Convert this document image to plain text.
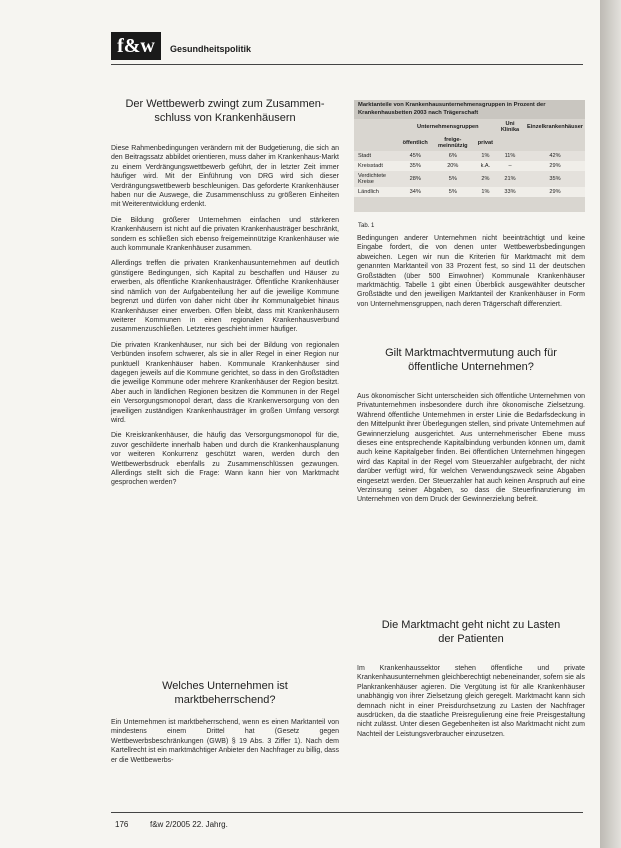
f&w	Gesundheitspolitik
Der Wettbewerb zwingt zum Zusammen-
schluss von Krankenhäusern

Diese Rahmenbedingungen verändern mit der Budgetierung, die sich an den Beitragssatz abbildet orientieren, muss daher im Krankenhaus-Markt zu einem Verdrängungswettbewerb geführt, der in letzter Zeit immer häufiger wird. Mit der Einführung von DRG wird sich dieser Verdrängungswettbewerb beschleunigen. Das geforderte Krankenhäuser haben nur die Auswege, die Zusammenschluss zu größeren Einheiten mit Weiterentwicklung erdenkt.

Die Bildung größerer Unternehmen einfachen und stärkeren Krankenhäusern ist nicht auf die privaten Krankenhausträger beschränkt, sondern es schließen sich ebenso freigemeinnützige Krankenhäuser wie auch kommunale Krankenhäuser zusammen.

Allerdings treffen die privaten Krankenhausunternehmen auf deutlich günstigere Bedingungen, sich Kapital zu beschaffen und Häuser zu erwerben, als öffentliche Krankenhausträger. Öffentliche Krankenhäuser sind nämlich von der Aufgabenteilung her auf die jeweilige Kommune begrenzt und dürfen von daher nicht über ihr Kommunalgebiet hinaus Krankenhäuser einer erwerben. Offen bleibt, dass mit Krankenhäusern weiterer Kommunen in einen regionalen Krankenhausverbund zusammenzuschließen. Letzteres geschieht immer häufiger.

Die privaten Krankenhäuser, nur sich bei der Bildung von regionalen Verbünden insofern schwerer, als sie in aller Regel in einer Region nur punktuell Krankenhäuser haben. Kommunale Krankenhäuser sind dagegen jeweils auf die Kommune gerichtet, so dass in den Großstädten die jeweilige Kommune oder mehrere Krankenhäuser der Region besitzt. Aber auch in ländlichen Regionen besitzen die Kommunen in der Regel ein Versorgungsmonopol derart, dass die Krankenversorgung von den jeweiligen zuständigen Krankenhausträger im großen Umfang versorgt wird.

Die Kreiskrankenhäuser, die häufig das Versorgungsmonopol für die, zuvor geschilderte innerhalb haben und durch die Krankenhausplanung vor weiteren Konkurrenz geschützt waren, werden durch den Wettbewerbsdruck ebenfalls zu Zusammenschlüssen gezwungen. Allerdings stellt sich die Frage: Wann kann hier von Marktmacht gesprochen werden?

Welches Unternehmen ist
marktbeherrschend?

Ein Unternehmen ist marktbeherrschend, wenn es einen Marktanteil von mindestens einem Drittel hat (Gesetz gegen Wettbewerbsbeschränkungen (GWB) § 19 Abs. 3 Ziffer 1). Nach dem Kartellrecht ist ein marktmächtiger Anbieter den Nachfrager zu billig, dass er die Wettbewerbs-

Marktanteile von Krankenhausunternehmensgruppen in Prozent der Krankenhausbetten 2003 nach Trägerschaft
	Unternehmensgruppen			Uni Klinika	Einzelkrankenhäuser
	öffentlich	freige-meinnützig	privat		
Stadt	45%	6%	1%	11%	42%
Kreisstadt	35%	20%	k.A.	–	29%
Verdichtete Kreise	28%	5%	2%	21%	35%
Ländlich	34%	5%	1%	33%	29%
Tab. 1

Bedingungen anderer Unternehmen nicht beeinträchtigt und keine Eingabe fordert, die von denen unter Wettbewerbsbedingungen abweichen. Legen wir nun die Kriterien für Marktmacht mit dem genannten Marktanteil von 33 Prozent fest, so sind 11 der deutschen Großstädten (über 500 Einwohner) Kommunale Krankenhäuser marktmächtig. Tabelle 1 gibt einen Überblick ausgewählter deutscher Großstädte und den jeweiligen Marktanteil der Krankenhäuser in Form von Unternehmensgruppen, nach deren Trägerschaft differenziert.

Gilt Marktmachtvermutung auch für
öffentliche Unternehmen?

Aus ökonomischer Sicht unterscheiden sich öffentliche Unternehmen von Privatunternehmen insbesondere durch ihre ökonomische Zielsetzung. Während öffentliche Unternehmen in erster Linie die Bedarfsdeckung in den Mittelpunkt ihrer Überlegungen stellen, sind private Unternehmen auf Gewinnerzielung ausgerichtet. Aus unternehmerischer Ebene muss dieses eine entsprechende Kapitalbindung verbunden können um, damit auch keine Kapitalgeber finden. Bei öffentlichen Unternehmen hingegen wird das Kapital in der Regel vom Steuerzahler aufgebracht, der nicht darüber verfügt wird, für welchen Verwendungszweck seine Abgaben eingesetzt werden. Der Steuerzahler hat auch keinen Anspruch auf eine Verzinsung seiner Abgaben, so dass die Steuerfinanzierung im Unternehmen von dem Druck der Gewinnerzielung befreit.

Die Marktmacht geht nicht zu Lasten
der Patienten

Im Krankenhaussektor stehen öffentliche und private Krankenhausunternehmen gleichberechtigt nebeneinander, sofern sie als Plankrankenhäuser agieren. Die Vergütung ist für alle Krankenhäuser unabhängig von ihrer Zielsetzung gleich geregelt. Marktmacht kann sich demnach nicht in einer Preisdurchsetzung zu Lasten der Nachfrager ausdrücken, da die staatliche Preisregulierung eine freie Preisgestaltung nicht zulässt. Unter diesen Gegebenheiten ist also Marktmacht nicht zum Nachteil der Leistungsverbraucher einzusetzen.

176	f&w 2/2005 22. Jahrg.
